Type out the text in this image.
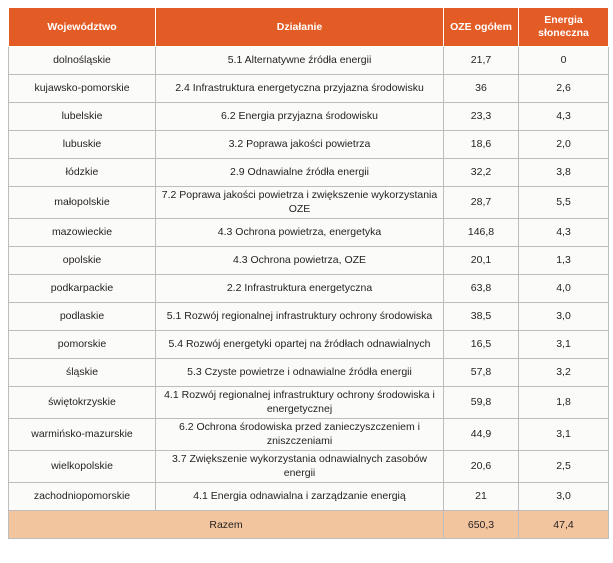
Województwo	Działanie	OZE ogółem	Energia słoneczna
dolnośląskie	5.1 Alternatywne źródła energii	21,7	0
kujawsko-pomorskie	2.4 Infrastruktura energetyczna przyjazna środowisku	36	2,6
lubelskie	6.2 Energia przyjazna środowisku	23,3	4,3
lubuskie	3.2 Poprawa jakości powietrza	18,6	2,0
łódzkie	2.9 Odnawialne źródła energii	32,2	3,8
małopolskie	7.2 Poprawa jakości powietrza i zwiększenie wykorzystania OZE	28,7	5,5
mazowieckie	4.3 Ochrona powietrza, energetyka	146,8	4,3
opolskie	4.3 Ochrona powietrza, OZE	20,1	1,3
podkarpackie	2.2 Infrastruktura energetyczna	63,8	4,0
podlaskie	5.1 Rozwój regionalnej infrastruktury ochrony środowiska	38,5	3,0
pomorskie	5.4 Rozwój energetyki opartej na źródłach odnawialnych	16,5	3,1
śląskie	5.3 Czyste powietrze i odnawialne źródła energii	57,8	3,2
świętokrzyskie	4.1 Rozwój regionalnej infrastruktury ochrony środowiska i energetycznej	59,8	1,8
warmińsko-mazurskie	6.2 Ochrona środowiska przed zanieczyszczeniem i zniszczeniami	44,9	3,1
wielkopolskie	3.7 Zwiększenie wykorzystania odnawialnych zasobów energii	20,6	2,5
zachodniopomorskie	4.1 Energia odnawialna i zarządzanie energią	21	3,0
Razem		650,3	47,4
